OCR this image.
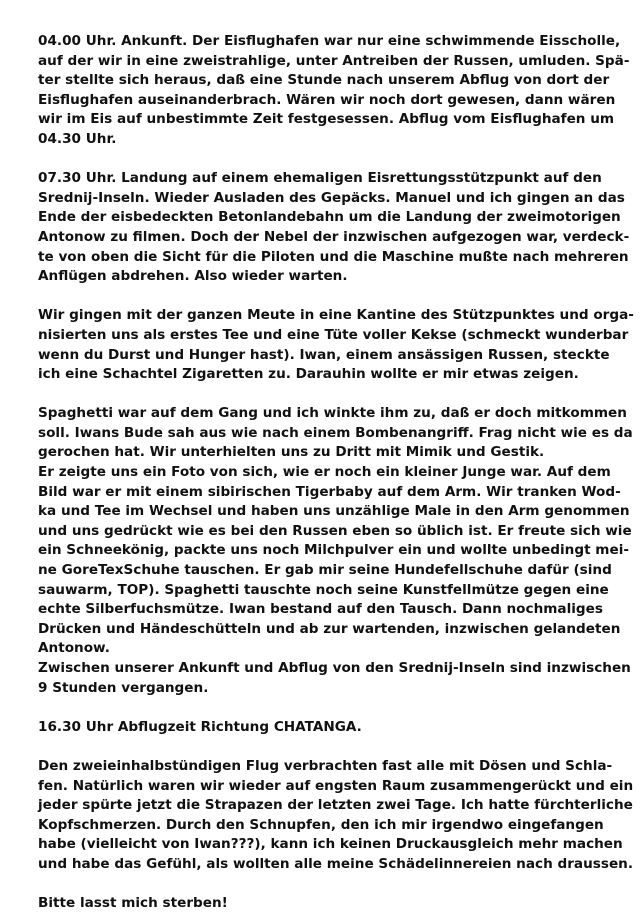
04.00 Uhr. Ankunft. Der Eisflughafen war nur eine schwimmende Eisscholle,
auf der wir in eine zweistrahlige, unter Antreiben der Russen, umluden. Spä-
ter stellte sich heraus, daß eine Stunde nach unserem Abflug von dort der
Eisflughafen auseinanderbrach. Wären wir noch dort gewesen, dann wären
wir im Eis auf unbestimmte Zeit festgesessen. Abflug vom Eisflughafen um
04.30 Uhr.
07.30 Uhr. Landung auf einem ehemaligen Eisrettungsstützpunkt auf den
Srednij-Inseln. Wieder Ausladen des Gepäcks. Manuel und ich gingen an das
Ende der eisbedeckten Betonlandebahn um die Landung der zweimotorigen
Antonow zu filmen. Doch der Nebel der inzwischen aufgezogen war, verdeck-
te von oben die Sicht für die Piloten und die Maschine mußte nach mehreren
Anflügen abdrehen. Also wieder warten.
Wir gingen mit der ganzen Meute in eine Kantine des Stützpunktes und orga-
nisierten uns als erstes Tee und eine Tüte voller Kekse (schmeckt wunderbar
wenn du Durst und Hunger hast). Iwan, einem ansässigen Russen, steckte
ich eine Schachtel Zigaretten zu. Darauhin wollte er mir etwas zeigen.
Spaghetti war auf dem Gang und ich winkte ihm zu, daß er doch mitkommen
soll. Iwans Bude sah aus wie nach einem Bombenangriff. Frag nicht wie es da
gerochen hat. Wir unterhielten uns zu Dritt mit Mimik und Gestik.
Er zeigte uns ein Foto von sich, wie er noch ein kleiner Junge war. Auf dem
Bild war er mit einem sibirischen Tigerbaby auf dem Arm. Wir tranken Wod-
ka und Tee im Wechsel und haben uns unzählige Male in den Arm genommen
und uns gedrückt wie es bei den Russen eben so üblich ist. Er freute sich wie
ein Schneekönig, packte uns noch Milchpulver ein und wollte unbedingt mei-
ne GoreTexSchuhe tauschen. Er gab mir seine Hundefellschuhe dafür (sind
sauwarm, TOP). Spaghetti tauschte noch seine Kunstfellmütze gegen eine
echte Silberfuchsmütze. Iwan bestand auf den Tausch. Dann nochmaliges
Drücken und Händeschütteln und ab zur wartenden, inzwischen gelandeten
Antonow.
Zwischen unserer Ankunft und Abflug von den Srednij-Inseln sind inzwischen
9 Stunden vergangen.
16.30 Uhr Abflugzeit Richtung CHATANGA.
Den zweieinhalbstündigen Flug verbrachten fast alle mit Dösen und Schla-
fen. Natürlich waren wir wieder auf engsten Raum zusammengerückt und ein
jeder spürte jetzt die Strapazen der letzten zwei Tage. Ich hatte fürchterliche
Kopfschmerzen. Durch den Schnupfen, den ich mir irgendwo eingefangen
habe (vielleicht von Iwan???), kann ich keinen Druckausgleich mehr machen
und habe das Gefühl, als wollten alle meine Schädelinnereien nach draussen.
Bitte lasst mich sterben!
